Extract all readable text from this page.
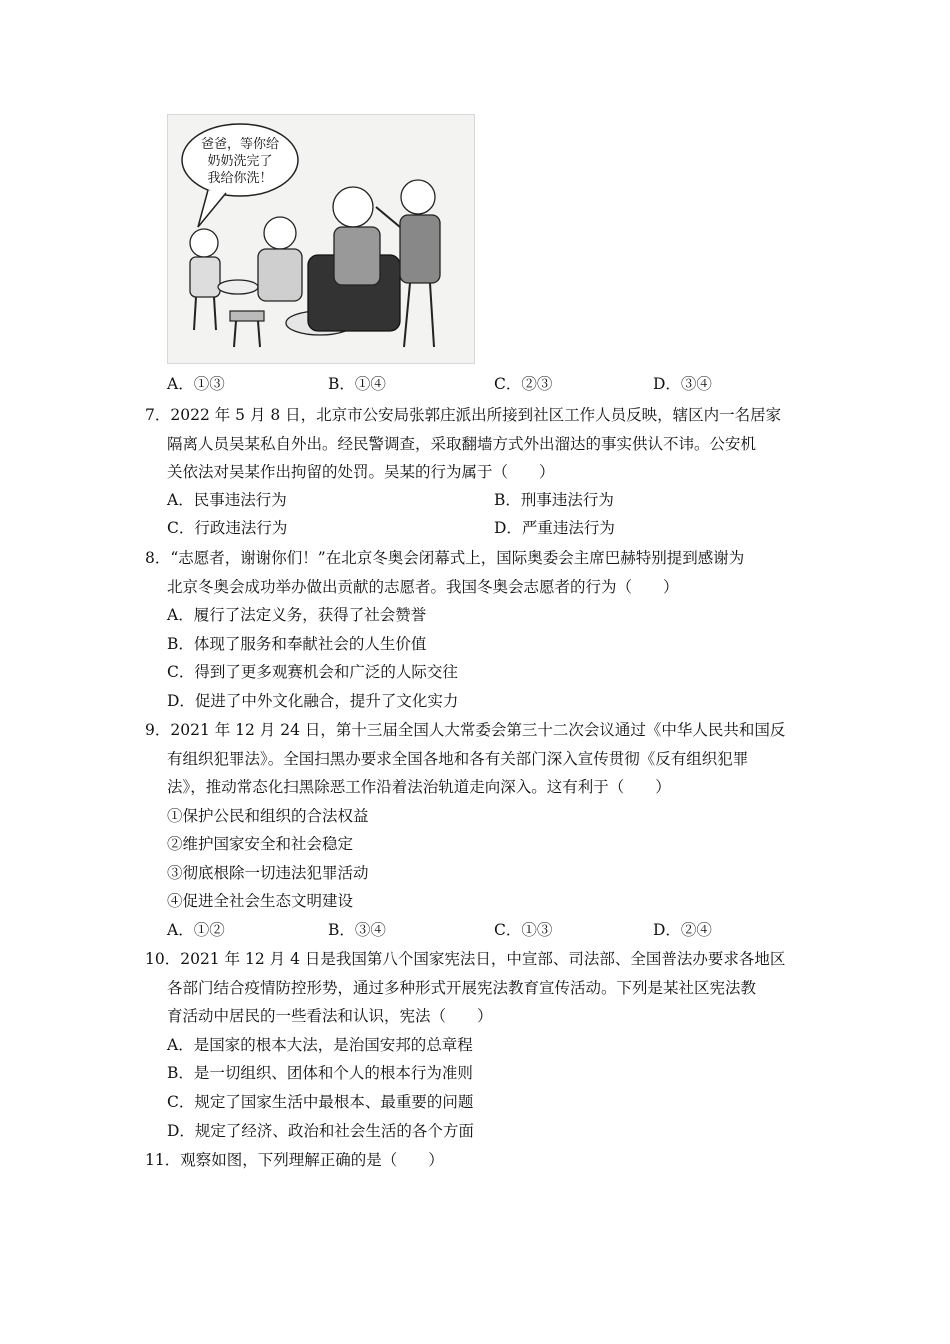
爸爸，等你给
奶奶洗完了
我给你洗！
A．①③	B．①④	C．②③	D．③④
7．2022 年 5 月 8 日，北京市公安局张郭庄派出所接到社区工作人员反映，辖区内一名居家
隔离人员吴某私自外出。经民警调查，采取翻墙方式外出溜达的事实供认不讳。公安机
关依法对吴某作出拘留的处罚。吴某的行为属于（　　）
A．民事违法行为	B．刑事违法行为
C．行政违法行为	D．严重违法行为
8．“志愿者，谢谢你们！”在北京冬奥会闭幕式上，国际奥委会主席巴赫特别提到感谢为
北京冬奥会成功举办做出贡献的志愿者。我国冬奥会志愿者的行为（　　）
A．履行了法定义务，获得了社会赞誉
B．体现了服务和奉献社会的人生价值
C．得到了更多观赛机会和广泛的人际交往
D．促进了中外文化融合，提升了文化实力
9．2021 年 12 月 24 日，第十三届全国人大常委会第三十二次会议通过《中华人民共和国反
有组织犯罪法》。全国扫黑办要求全国各地和各有关部门深入宣传贯彻《反有组织犯罪
法》，推动常态化扫黑除恶工作沿着法治轨道走向深入。这有利于（　　）
①保护公民和组织的合法权益
②维护国家安全和社会稳定
③彻底根除一切违法犯罪活动
④促进全社会生态文明建设
A．①②	B．③④	C．①③	D．②④
10．2021 年 12 月 4 日是我国第八个国家宪法日，中宣部、司法部、全国普法办要求各地区
各部门结合疫情防控形势，通过多种形式开展宪法教育宣传活动。下列是某社区宪法教
育活动中居民的一些看法和认识，宪法（　　）
A．是国家的根本大法，是治国安邦的总章程
B．是一切组织、团体和个人的根本行为准则
C．规定了国家生活中最根本、最重要的问题
D．规定了经济、政治和社会生活的各个方面
11．观察如图，下列理解正确的是（　　）
